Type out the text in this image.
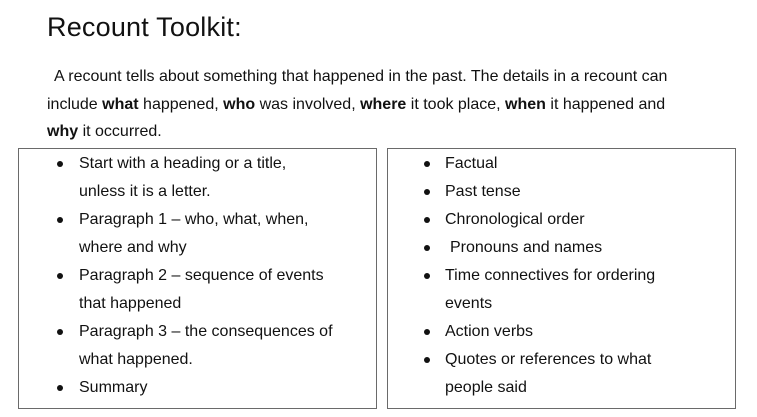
Recount Toolkit:
A recount tells about something that happened in the past. The details in a recount can
include what happened, who was involved, where it took place, when it happened and
why it occurred.
Start with a heading or a title,
unless it is a letter.
Paragraph 1 – who, what, when,
where and why
Paragraph 2 – sequence of events
that happened
Paragraph 3 – the consequences of
what happened.
Summary
Factual
Past tense
Chronological order
Pronouns and names
Time connectives for ordering
events
Action verbs
Quotes or references to what
people said
